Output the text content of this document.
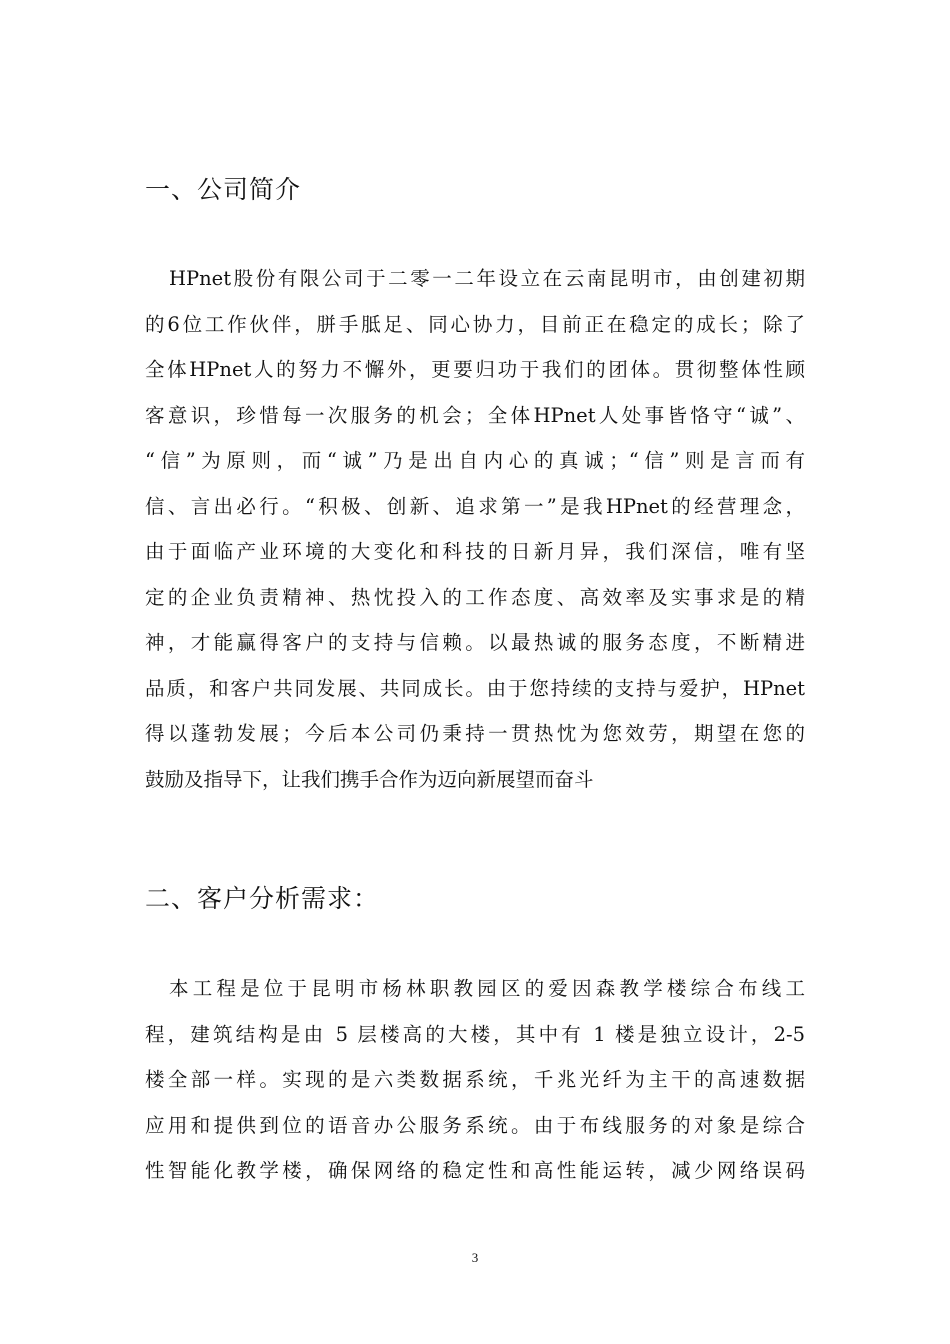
一、公司简介
HPnet股份有限公司于二零一二年设立在云南昆明市，由创建初期
的6位工作伙伴，胼手胝足、同心协力，目前正在稳定的成长；除了
全体HPnet人的努力不懈外，更要归功于我们的团体。贯彻整体性顾
客意识，珍惜每一次服务的机会；全体HPnet人处事皆恪守“诚”、
“信”为原则，而“诚”乃是出自内心的真诚；“信”则是言而有
信、言出必行。“积极、创新、追求第一”是我HPnet的经营理念，
由于面临产业环境的大变化和科技的日新月异，我们深信，唯有坚
定的企业负责精神、热忱投入的工作态度、高效率及实事求是的精
神，才能赢得客户的支持与信赖。以最热诚的服务态度，不断精进
品质，和客户共同发展、共同成长。由于您持续的支持与爱护，HPnet
得以蓬勃发展；今后本公司仍秉持一贯热忱为您效劳，期望在您的
鼓励及指导下，让我们携手合作为迈向新展望而奋斗
二、客户分析需求：
本工程是位于昆明市杨林职教园区的爱因森教学楼综合布线工
程，建筑结构是由 5 层楼高的大楼，其中有 1 楼是独立设计，2-5
楼全部一样。实现的是六类数据系统，千兆光纤为主干的高速数据
应用和提供到位的语音办公服务系统。由于布线服务的对象是综合
性智能化教学楼，确保网络的稳定性和高性能运转，减少网络误码
3
